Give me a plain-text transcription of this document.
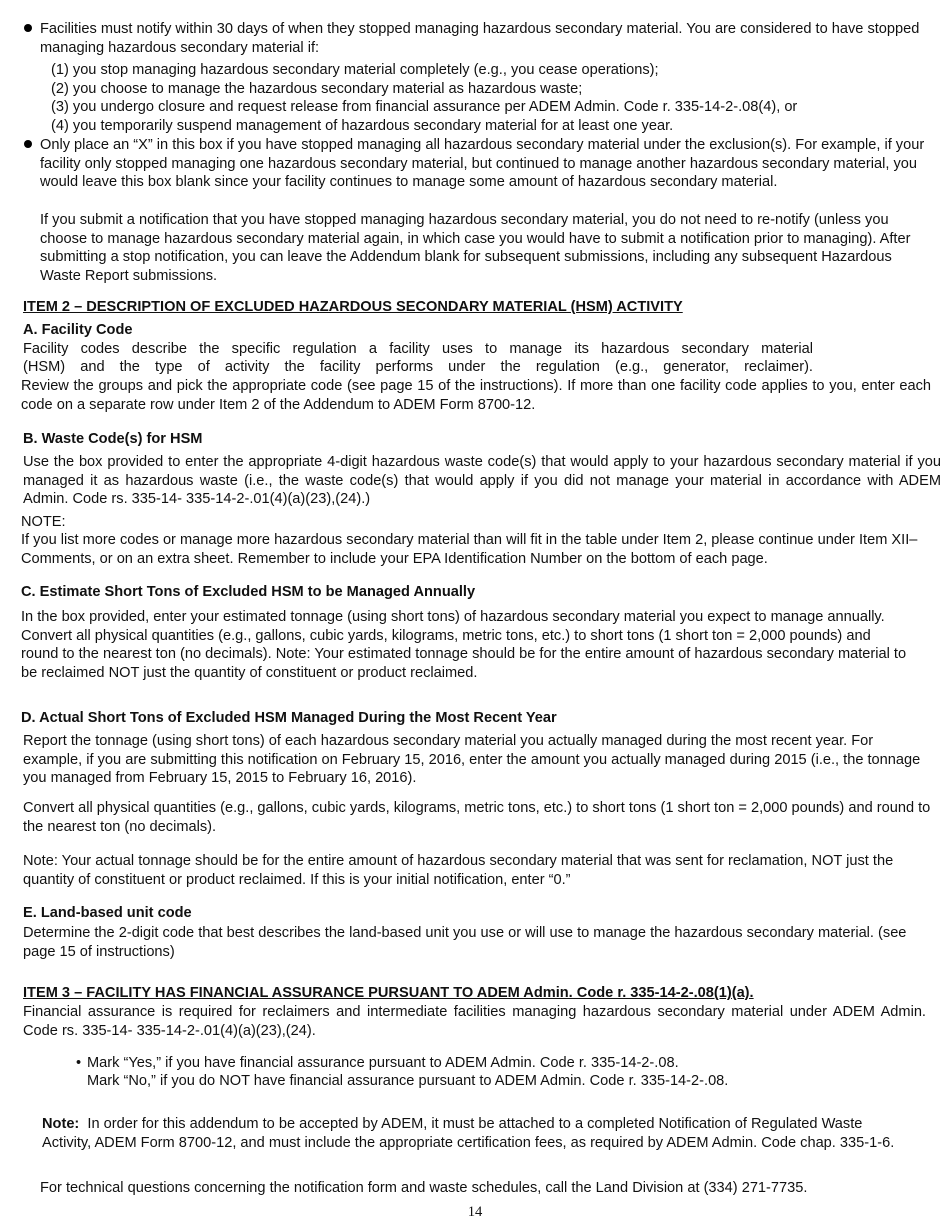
Facilities must notify within 30 days of when they stopped managing hazardous secondary material. You are considered to have stopped managing hazardous secondary material if:

(1) you stop managing hazardous secondary material completely (e.g., you cease operations);

(2) you choose to manage the hazardous secondary material as hazardous waste;

(3) you undergo closure and request release from financial assurance per ADEM Admin. Code r. 335-14-2-.08(4), or

(4) you temporarily suspend management of hazardous secondary material for at least one year.

Only place an “X” in this box if you have stopped managing all hazardous secondary material under the exclusion(s). For example, if your facility only stopped managing one hazardous secondary material, but continued to manage another hazardous secondary material, you would leave this box blank since your facility continues to manage some amount of hazardous secondary material.

If you submit a notification that you have stopped managing hazardous secondary material, you do not need to re-notify (unless you choose to manage hazardous secondary material again, in which case you would have to submit a notification prior to managing). After submitting a stop notification, you can leave the Addendum blank for subsequent submissions, including any subsequent Hazardous Waste Report submissions.

ITEM 2 – DESCRIPTION OF EXCLUDED HAZARDOUS SECONDARY MATERIAL (HSM) ACTIVITY

A. Facility Code

Facility codes describe the specific regulation a facility uses to manage its hazardous secondary material

(HSM) and the type of activity the facility performs under the regulation (e.g., generator, reclaimer).

Review the groups and pick the appropriate code (see page 15 of the instructions). If more than one facility code applies to you, enter each code on a separate row under Item 2 of the Addendum to ADEM Form 8700-12.

B. Waste Code(s) for HSM

Use the box provided to enter the appropriate 4-digit hazardous waste code(s) that would apply to your hazardous secondary material if you managed it as hazardous waste (i.e., the waste code(s) that would apply if you did not manage your material in accordance with ADEM Admin. Code rs. 335-14- 335-14-2-.01(4)(a)(23),(24).)

NOTE:

If you list more codes or manage more hazardous secondary material than will fit in the table under Item 2, please continue under Item XII–Comments, or on an extra sheet. Remember to include your EPA Identification Number on the bottom of each page.

C. Estimate Short Tons of Excluded HSM to be Managed Annually

In the box provided, enter your estimated tonnage (using short tons) of hazardous secondary material you expect to manage annually. Convert all physical quantities (e.g., gallons, cubic yards, kilograms, metric tons, etc.) to short tons (1 short ton = 2,000 pounds) and round to the nearest ton (no decimals). Note: Your estimated tonnage should be for the entire amount of hazardous secondary material to be reclaimed NOT just the quantity of constituent or product reclaimed.

D. Actual Short Tons of Excluded HSM Managed During the Most Recent Year

Report the tonnage (using short tons) of each hazardous secondary material you actually managed during the most recent year. For example, if you are submitting this notification on February 15, 2016, enter the amount you actually managed during 2015 (i.e., the tonnage you managed from February 15, 2015 to February 16, 2016).

Convert all physical quantities (e.g., gallons, cubic yards, kilograms, metric tons, etc.) to short tons (1 short ton = 2,000 pounds) and round to the nearest ton (no decimals).

Note: Your actual tonnage should be for the entire amount of hazardous secondary material that was sent for reclamation, NOT just the quantity of constituent or product reclaimed. If this is your initial notification, enter “0.”

E. Land-based unit code

Determine the 2-digit code that best describes the land-based unit you use or will use to manage the hazardous secondary material. (see page 15 of instructions)

ITEM 3 – FACILITY HAS FINANCIAL ASSURANCE PURSUANT TO ADEM Admin. Code r. 335-14-2-.08(1)(a).

Financial assurance is required for reclaimers and intermediate facilities managing hazardous secondary material under ADEM Admin. Code rs. 335-14- 335-14-2-.01(4)(a)(23),(24).

• Mark “Yes,” if you have financial assurance pursuant to ADEM Admin. Code r. 335-14-2-.08.

Mark “No,” if you do NOT have financial assurance pursuant to ADEM Admin. Code r. 335-14-2-.08.

Note:  In order for this addendum to be accepted by ADEM, it must be attached to a completed Notification of Regulated Waste Activity, ADEM Form 8700-12, and must include the appropriate certification fees, as required by ADEM Admin. Code chap. 335-1-6.

For technical questions concerning the notification form and waste schedules, call the Land Division at (334) 271-7735.

14
